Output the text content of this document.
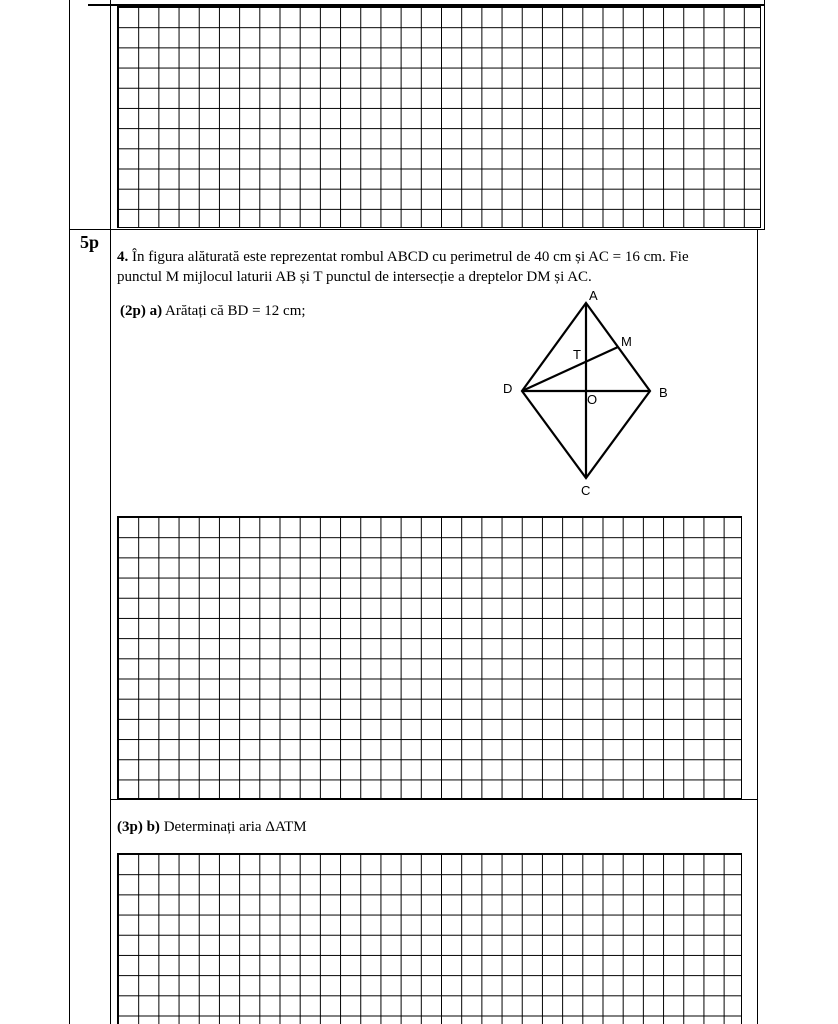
5p
4. În figura alăturată este reprezentat rombul ABCD cu perimetrul de 40 cm și AC = 16 cm. Fie
punctul M mijlocul laturii AB și T punctul de intersecție a dreptelor DM și AC.
(2p) a) Arătați că BD = 12 cm;
A
M
T
D
O	B
C
(3p) b) Determinați aria ΔATM
